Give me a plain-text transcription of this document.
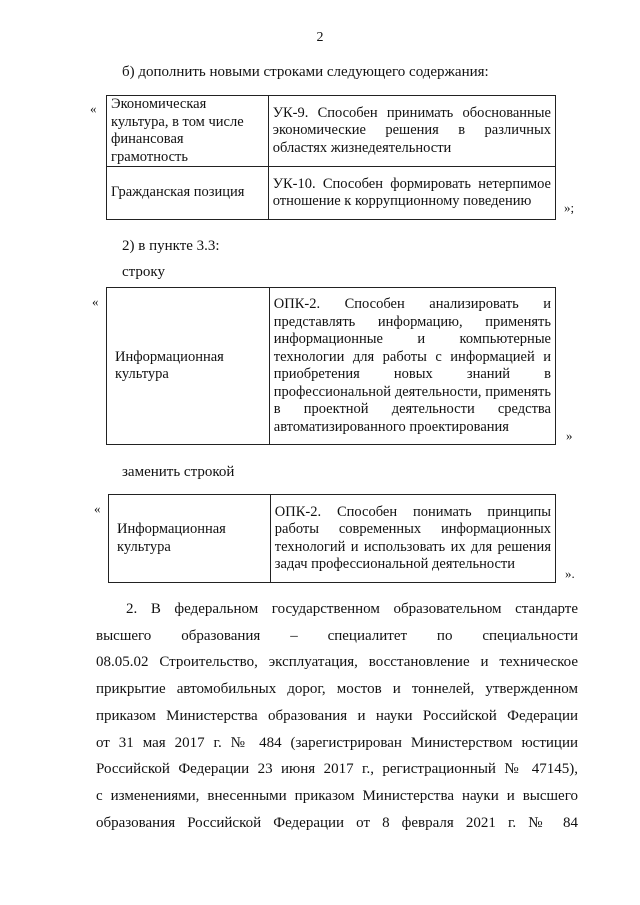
2
б) дополнить новыми строками следующего содержания:
« Экономическая культура, в том числе финансовая грамотность	УК-9. Способен принимать обоснованные экономические решения в различных областях жизнедеятельности
Гражданская позиция	УК-10. Способен формировать нетерпимое отношение к коррупционному поведению	»;
2) в пункте 3.3:
строку
«
Информационная культура	ОПК-2. Способен анализировать и представлять информацию, применять информационные и компьютерные технологии для работы с информацией и приобретения новых знаний в профессиональной деятельности, применять в проектной деятельности средства автоматизированного проектирования
»
заменить строкой
«
Информационная культура	ОПК-2. Способен понимать принципы работы современных информационных технологий и использовать их для решения задач профессиональной деятельности
».
2. В федеральном государственном образовательном стандарте
высшего образования – специалитет по специальности
08.05.02 Строительство, эксплуатация, восстановление и техническое
прикрытие автомобильных дорог, мостов и тоннелей, утвержденном
приказом Министерства образования и науки Российской Федерации
от 31 мая 2017 г. № 484 (зарегистрирован Министерством юстиции
Российской Федерации 23 июня 2017 г., регистрационный № 47145),
с изменениями, внесенными приказом Министерства науки и высшего
образования Российской Федерации от 8 февраля 2021 г. № 84
